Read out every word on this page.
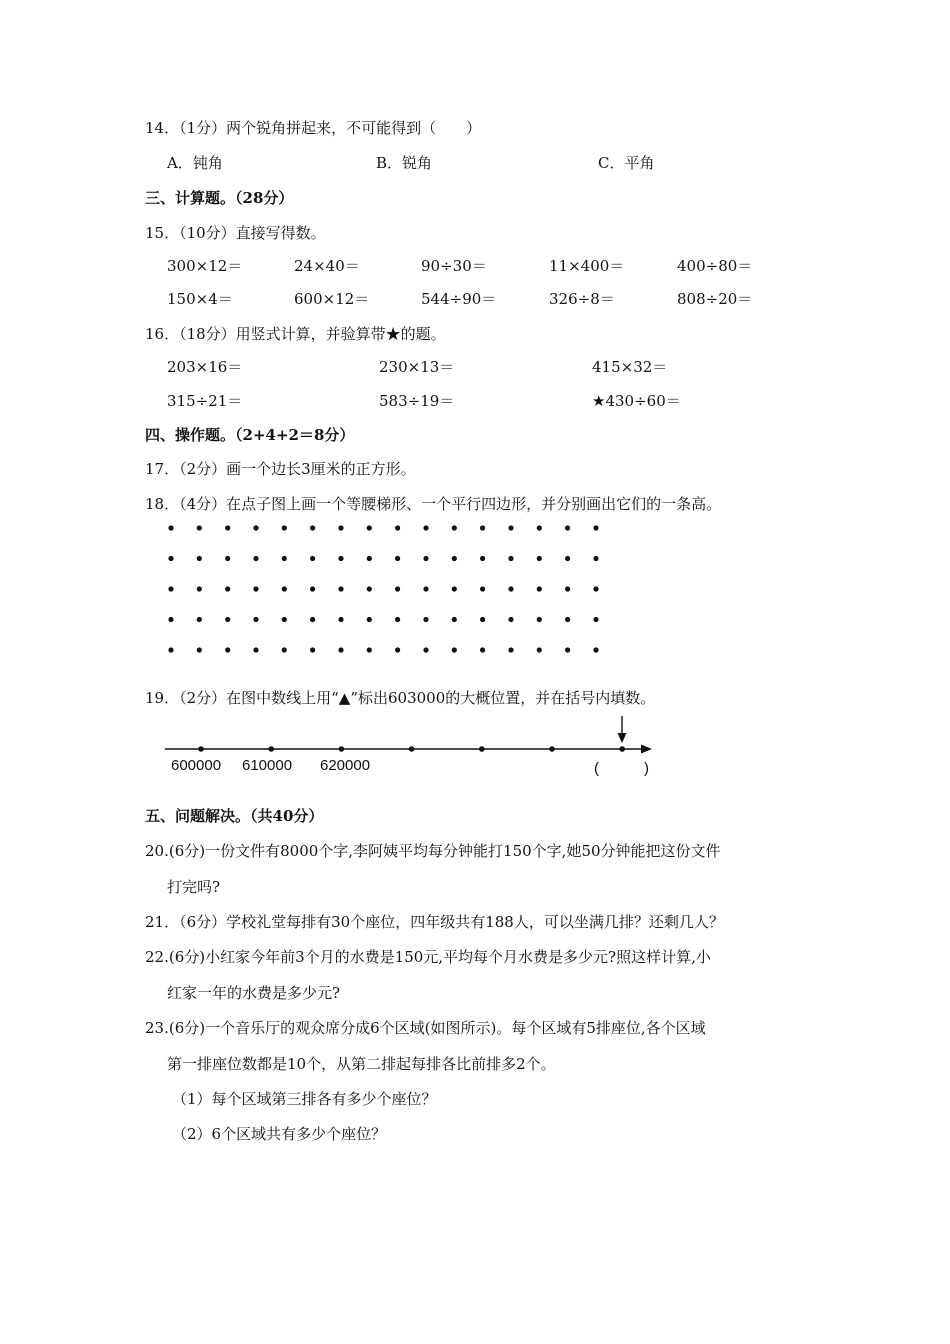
14．（1分）两个锐角拼起来，不可能得到（　　）
A．钝角	B．锐角	C．平角
三、计算题。（28分）
15．（10分）直接写得数。
300×12＝	24×40＝	90÷30＝	11×400＝	400÷80＝
150×4＝	600×12＝	544÷90＝	326÷8＝	808÷20＝
16．（18分）用竖式计算，并验算带★的题。
203×16＝	230×13＝	415×32＝
315÷21＝	583÷19＝	★430÷60＝
四、操作题。（2+4+2＝8分）
17．（2分）画一个边长3厘米的正方形。
18．（4分）在点子图上画一个等腰梯形、一个平行四边形，并分别画出它们的一条高。
19．（2分）在图中数线上用“▲”标出603000的大概位置，并在括号内填数。
600000 610000 620000	(　　　)
五、问题解决。（共40分）
20.(6分)一份文件有8000个字,李阿姨平均每分钟能打150个字,她50分钟能把这份文件
打完吗?
21．（6分）学校礼堂每排有30个座位，四年级共有188人，可以坐满几排？还剩几人？
22.(6分)小红家今年前3个月的水费是150元,平均每个月水费是多少元?照这样计算,小
红家一年的水费是多少元?
23.(6分)一个音乐厅的观众席分成6个区域(如图所示)。每个区域有5排座位,各个区域
第一排座位数都是10个，从第二排起每排各比前排多2个。
（1）每个区域第三排各有多少个座位？
（2）6个区域共有多少个座位？
